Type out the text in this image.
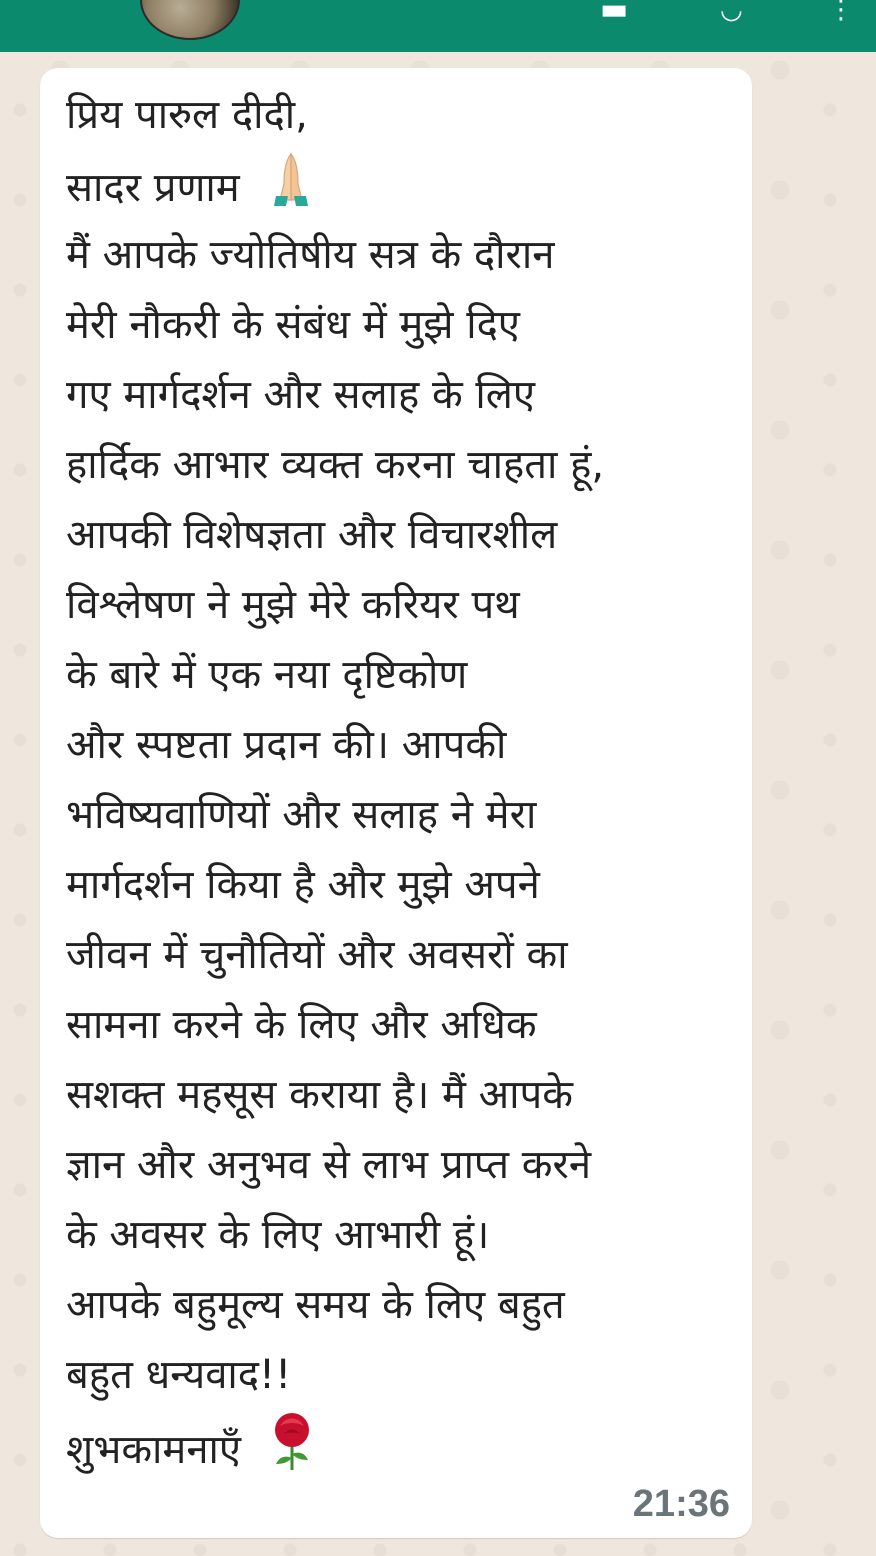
▬	◡	⋮
प्रिय पारुल दीदी,
सादर प्रणाम
मैं आपके ज्योतिषीय सत्र के दौरान
मेरी नौकरी के संबंध में मुझे दिए
गए मार्गदर्शन और सलाह के लिए
हार्दिक आभार व्यक्त करना चाहता हूं,
आपकी विशेषज्ञता और विचारशील
विश्लेषण ने मुझे मेरे करियर पथ
के बारे में एक नया दृष्टिकोण
और स्पष्टता प्रदान की। आपकी
भविष्यवाणियों और सलाह ने मेरा
मार्गदर्शन किया है और मुझे अपने
जीवन में चुनौतियों और अवसरों का
सामना करने के लिए और अधिक
सशक्त महसूस कराया है। मैं आपके
ज्ञान और अनुभव से लाभ प्राप्त करने
के अवसर के लिए आभारी हूं।
आपके बहुमूल्य समय के लिए बहुत
बहुत धन्यवाद!!
शुभकामनाएँ
21:36
